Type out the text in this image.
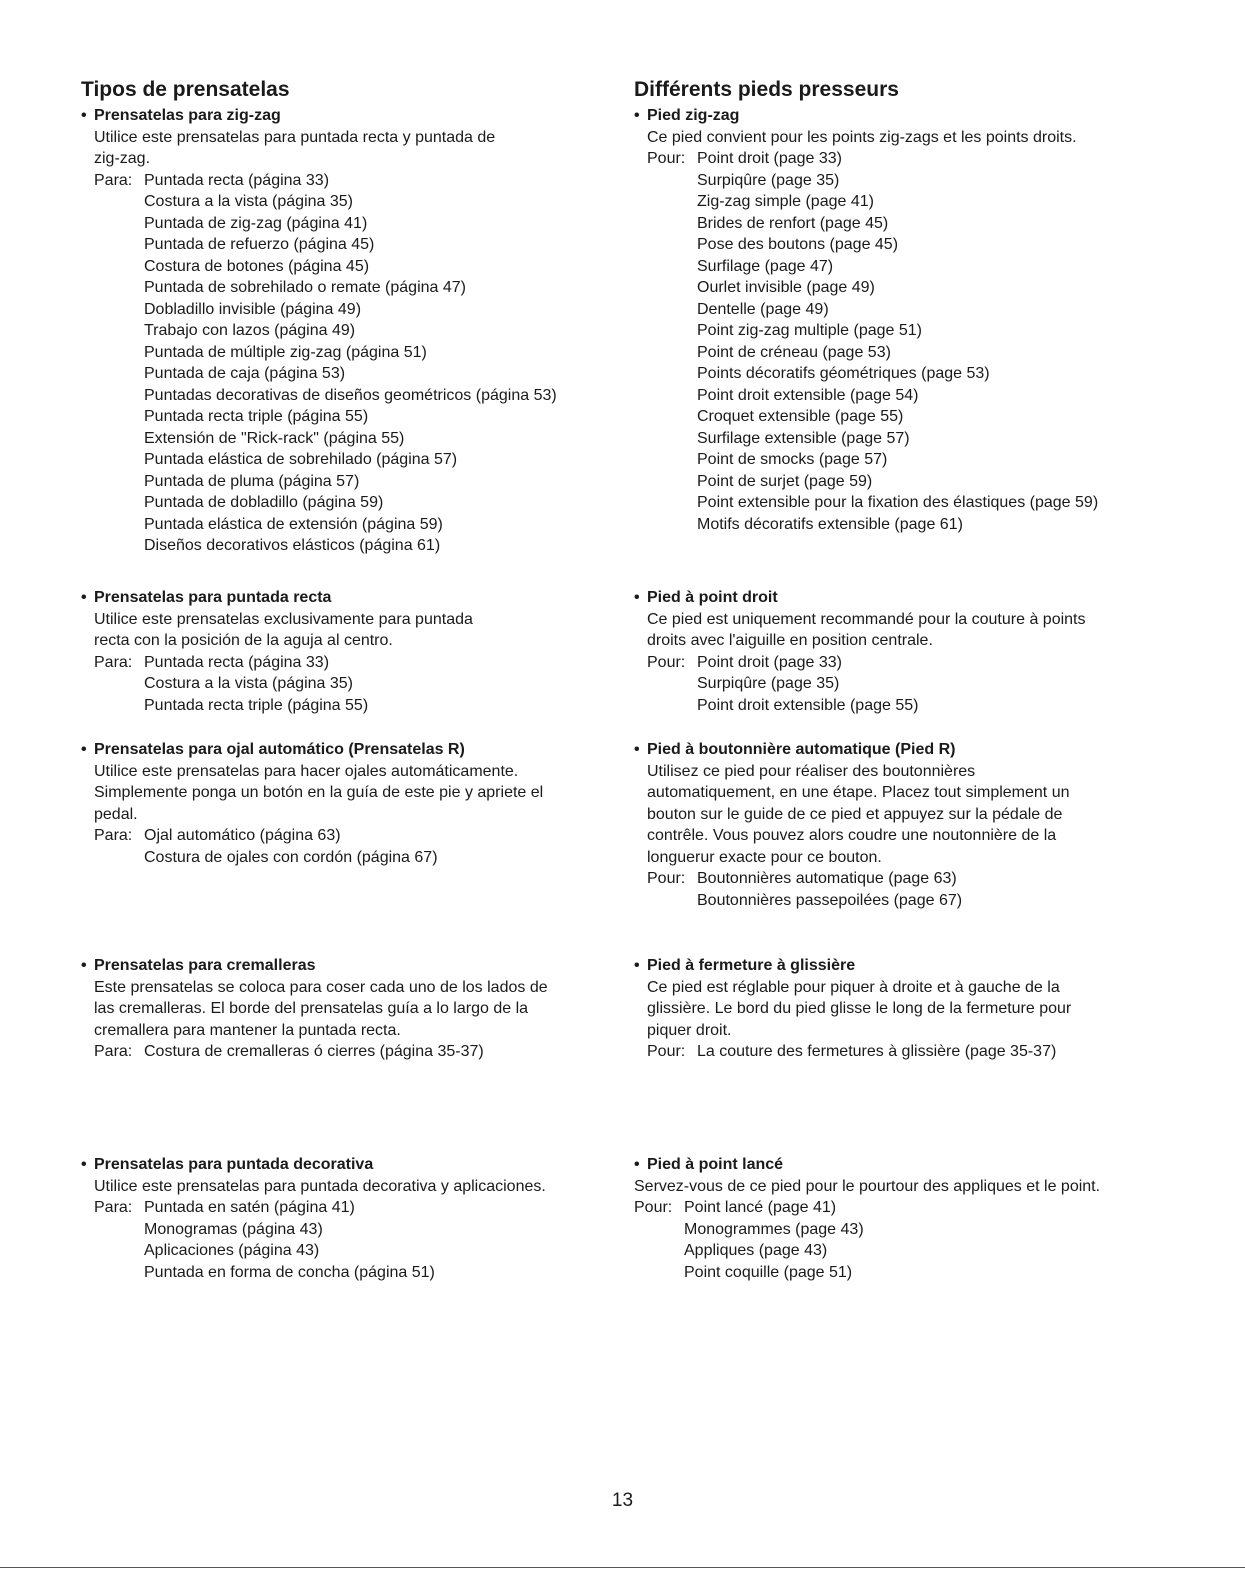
Tipos de prensatelas
• Prensatelas para zig-zag
Utilice este prensatelas para puntada recta y puntada de
zig-zag.
Para: Puntada recta (página 33)
Costura a la vista (página 35)
Puntada de zig-zag (página 41)
Puntada de refuerzo (página 45)
Costura de botones (página 45)
Puntada de sobrehilado o remate (página 47)
Dobladillo invisible (página 49)
Trabajo con lazos (página 49)
Puntada de múltiple zig-zag (página 51)
Puntada de caja (página 53)
Puntadas decorativas de diseños geométricos (página 53)
Puntada recta triple (página 55)
Extensión de "Rick-rack" (página 55)
Puntada elástica de sobrehilado (página 57)
Puntada de pluma (página 57)
Puntada de dobladillo (página 59)
Puntada elástica de extensión (página 59)
Diseños decorativos elásticos (página 61)
• Prensatelas para puntada recta
Utilice este prensatelas exclusivamente para puntada
recta con la posición de la aguja al centro.
Para: Puntada recta (página 33)
Costura a la vista (página 35)
Puntada recta triple (página 55)
• Prensatelas para ojal automático (Prensatelas R)
Utilice este prensatelas para hacer ojales automáticamente.
Simplemente ponga un botón en la guía de este pie y apriete el
pedal.
Para: Ojal automático (página 63)
Costura de ojales con cordón (página 67)
• Prensatelas para cremalleras
Este prensatelas se coloca para coser cada uno de los lados de
las cremalleras. El borde del prensatelas guía a lo largo de la
cremallera para mantener la puntada recta.
Para: Costura de cremalleras ó cierres (página 35-37)
• Prensatelas para puntada decorativa
Utilice este prensatelas para puntada decorativa y aplicaciones.
Para: Puntada en satén (página 41)
Monogramas (página 43)
Aplicaciones (página 43)
Puntada en forma de concha (página 51)
Différents pieds presseurs
• Pied zig-zag
Ce pied convient pour les points zig-zags et les points droits.
Pour: Point droit (page 33)
Surpiqûre (page 35)
Zig-zag simple (page 41)
Brides de renfort (page 45)
Pose des boutons (page 45)
Surfilage (page 47)
Ourlet invisible (page 49)
Dentelle (page 49)
Point zig-zag multiple (page 51)
Point de créneau (page 53)
Points décoratifs géométriques (page 53)
Point droit extensible (page 54)
Croquet extensible (page 55)
Surfilage extensible (page 57)
Point de smocks (page 57)
Point de surjet (page 59)
Point extensible pour la fixation des élastiques (page 59)
Motifs décoratifs extensible (page 61)
• Pied à point droit
Ce pied est uniquement recommandé pour la couture à points
droits avec l'aiguille en position centrale.
Pour: Point droit (page 33)
Surpiqûre (page 35)
Point droit extensible (page 55)
• Pied à boutonnière automatique (Pied R)
Utilisez ce pied pour réaliser des boutonnières
automatiquement, en une étape. Placez tout simplement un
bouton sur le guide de ce pied et appuyez sur la pédale de
contrêle. Vous pouvez alors coudre une noutonnière de la
longuerur exacte pour ce bouton.
Pour: Boutonnières automatique (page 63)
Boutonnières passepoilées (page 67)
• Pied à fermeture à glissière
Ce pied est réglable pour piquer à droite et à gauche de la
glissière. Le bord du pied glisse le long de la fermeture pour
piquer droit.
Pour: La couture des fermetures à glissière (page 35-37)
• Pied à point lancé
Servez-vous de ce pied pour le pourtour des appliques et le point.
Pour: Point lancé (page 41)
Monogrammes (page 43)
Appliques (page 43)
Point coquille (page 51)
13
